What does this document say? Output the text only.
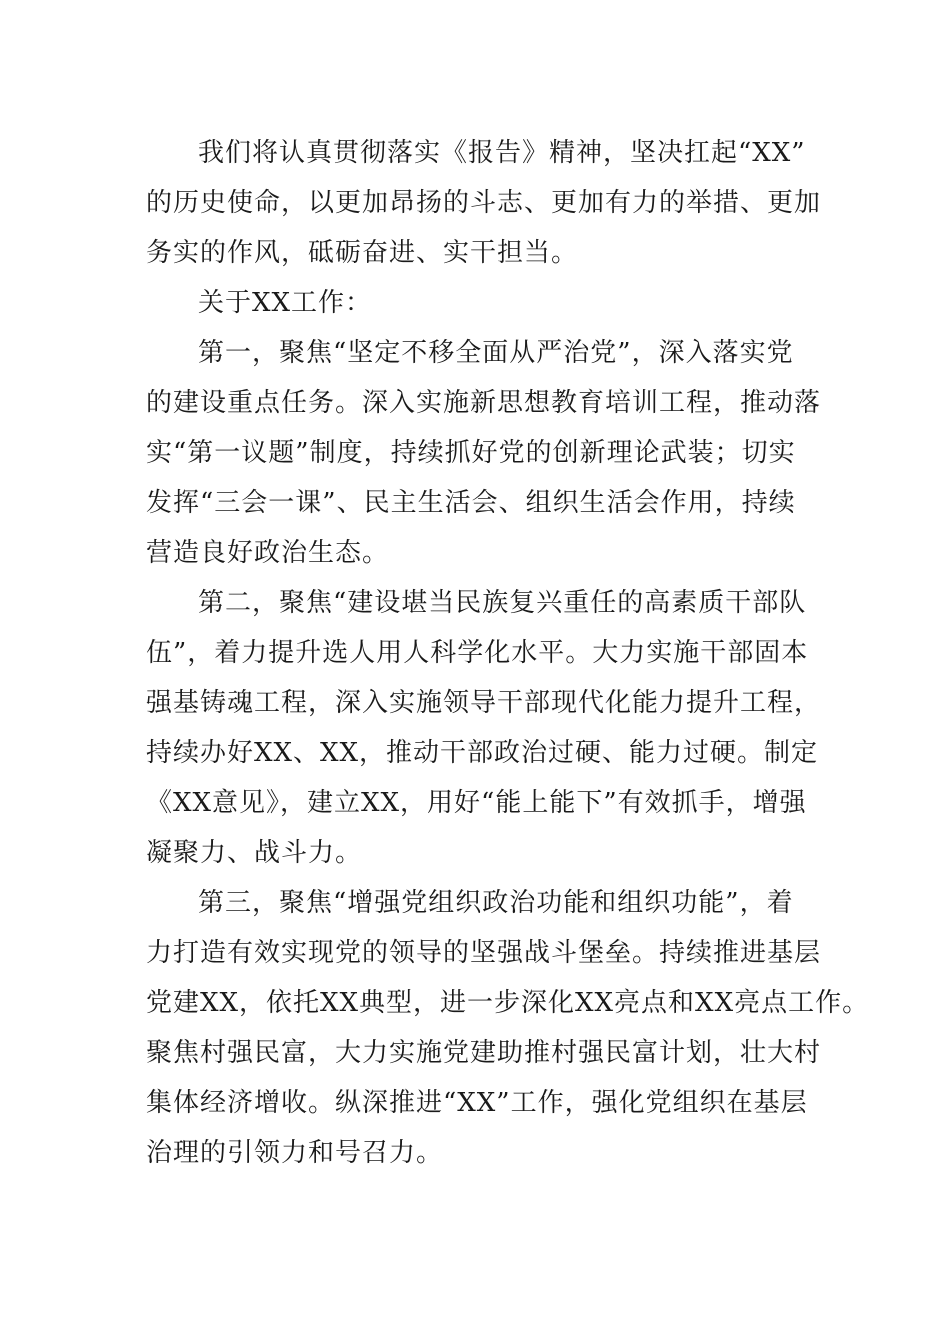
我们将认真贯彻落实《报告》精神，坚决扛起“XX”
的历史使命，以更加昂扬的斗志、更加有力的举措、更加
务实的作风，砥砺奋进、实干担当。
关于XX工作：
第一，聚焦“坚定不移全面从严治党”，深入落实党
的建设重点任务。深入实施新思想教育培训工程，推动落
实“第一议题”制度，持续抓好党的创新理论武装；切实
发挥“三会一课”、民主生活会、组织生活会作用，持续
营造良好政治生态。
第二，聚焦“建设堪当民族复兴重任的高素质干部队
伍”，着力提升选人用人科学化水平。大力实施干部固本
强基铸魂工程，深入实施领导干部现代化能力提升工程，
持续办好XX、XX，推动干部政治过硬、能力过硬。制定
《XX意见》，建立XX，用好“能上能下”有效抓手，增强
凝聚力、战斗力。
第三，聚焦“增强党组织政治功能和组织功能”，着
力打造有效实现党的领导的坚强战斗堡垒。持续推进基层
党建XX，依托XX典型，进一步深化XX亮点和XX亮点工作。
聚焦村强民富，大力实施党建助推村强民富计划，壮大村
集体经济增收。纵深推进“XX”工作，强化党组织在基层
治理的引领力和号召力。
